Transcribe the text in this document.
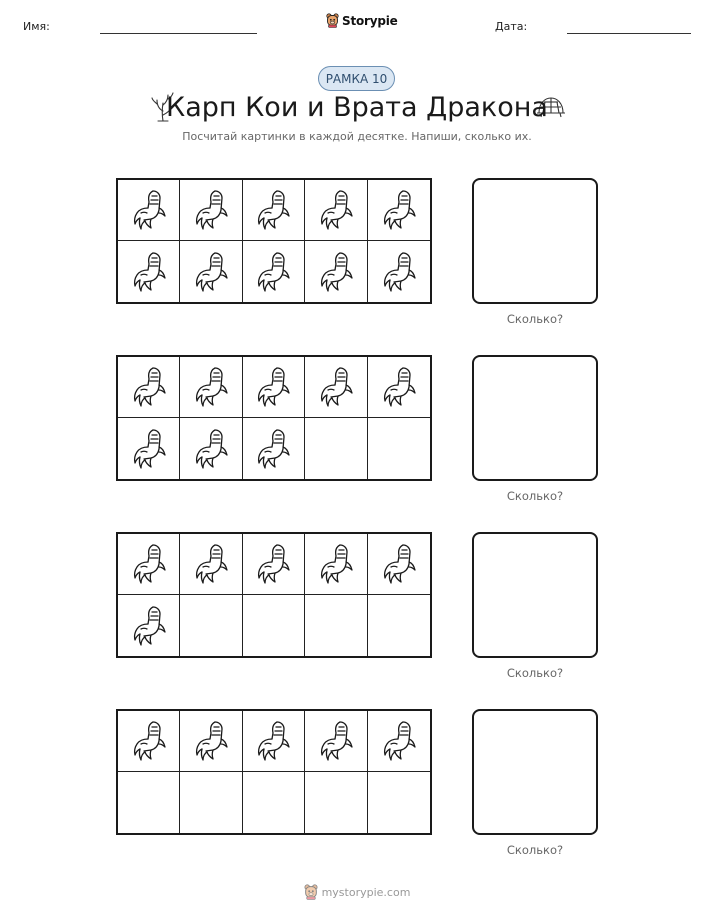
Имя:	Storypie	Дата:
РАМКА 10
Карп Кои и Врата Дракона
Посчитай картинки в каждой десятке. Напиши, сколько их.
Сколько?
Сколько?
Сколько?
Сколько?
mystorypie.com
